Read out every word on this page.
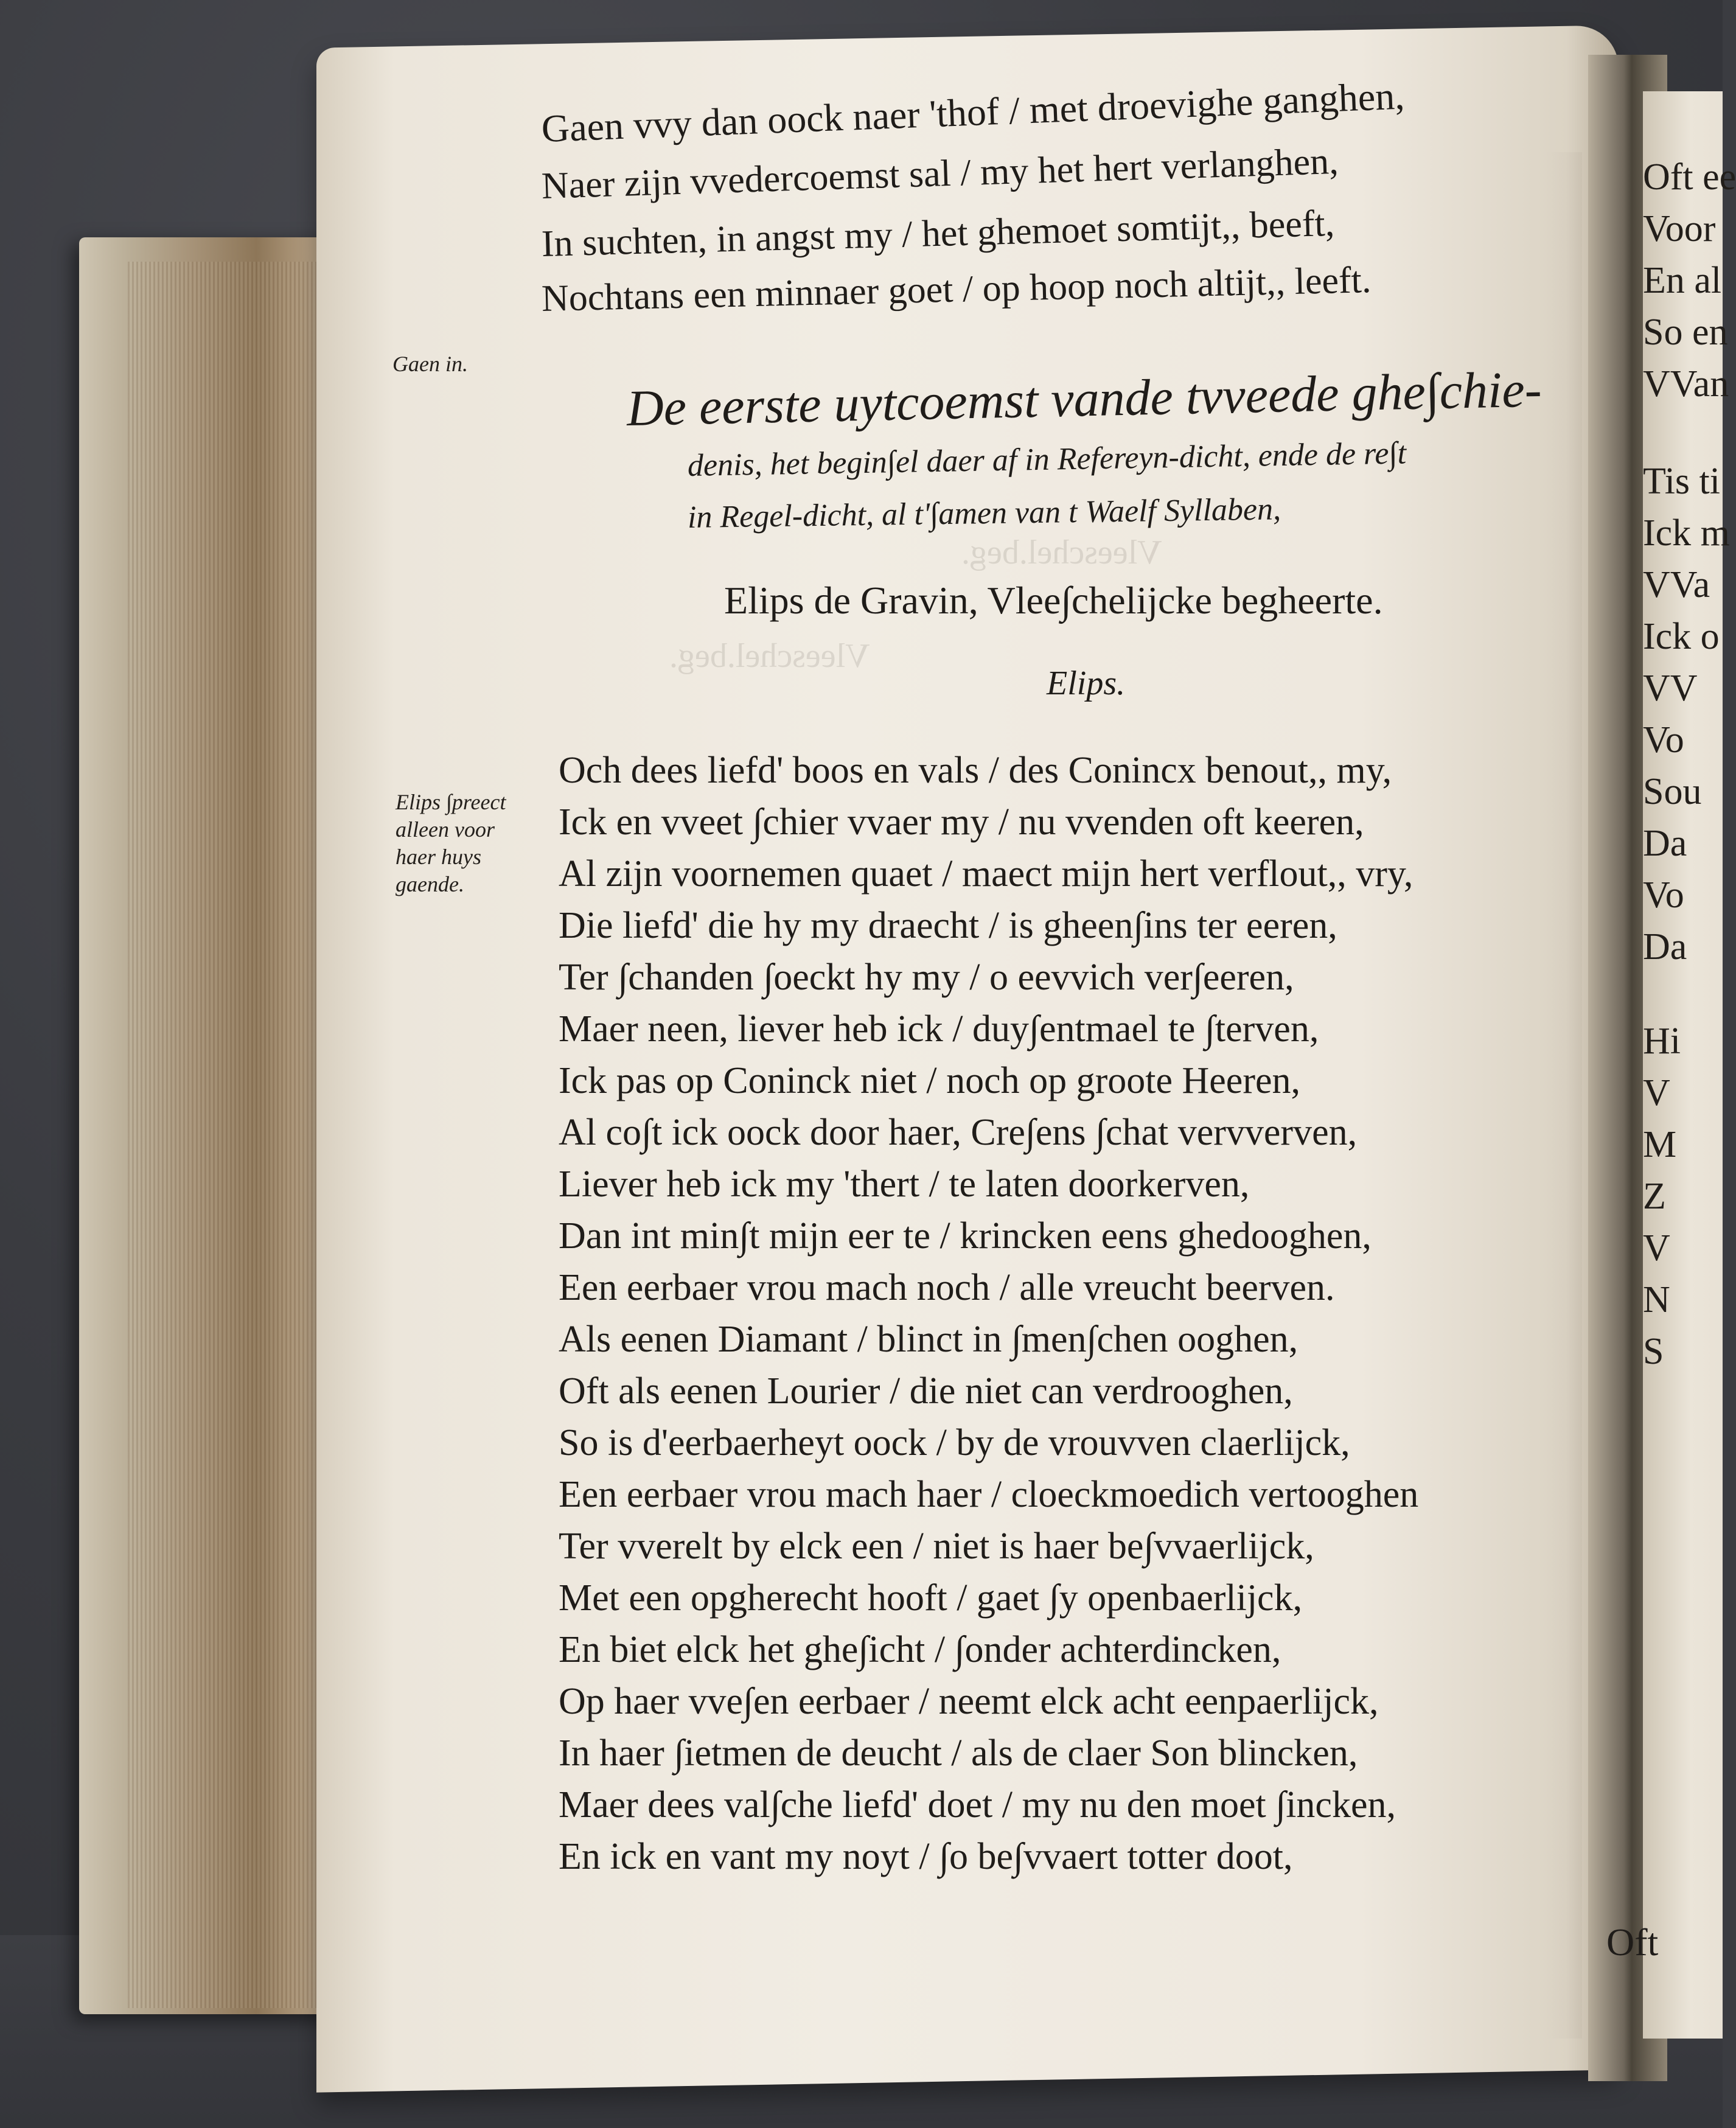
Vleeschel.beg.
Vleeschel.beg.
Gaen vvy dan oock naer 'thof / met droevighe ganghen,
Naer zijn vvedercoemst sal / my het hert verlanghen,
In suchten, in angst my / het ghemoet somtijt,, beeft,
Nochtans een minnaer goet / op hoop noch altijt,, leeft.
Gaen in.	De eerste uytcoemst vande tvveede ghe∫chie-
denis, het begin∫el daer af in Refereyn-dicht, ende de re∫t
in Regel-dicht, al t'∫amen van t Waelf Syllaben,
Elips de Gravin, Vlee∫chelijcke begheerte.
Elips.
Elips ∫preect
alleen voor
haer huys
gaende.
Och dees liefd' boos en vals / des Conincx benout,, my,
Ick en vveet ∫chier vvaer my / nu vvenden oft keeren,
Al zijn voornemen quaet / maect mijn hert verflout,, vry,
Die liefd' die hy my draecht / is gheen∫ins ter eeren,
Ter ∫chanden ∫oeckt hy my / o eevvich ver∫eeren,
Maer neen, liever heb ick / duy∫entmael te ∫terven,
Ick pas op Coninck niet / noch op groote Heeren,
Al co∫t ick oock door haer, Cre∫ens ∫chat vervverven,
Liever heb ick my 'thert / te laten doorkerven,
Dan int min∫t mijn eer te / krincken eens ghedooghen,
Een eerbaer vrou mach noch / alle vreucht beerven.
Als eenen Diamant / blinct in ∫men∫chen ooghen,
Oft als eenen Lourier / die niet can verdrooghen,
So is d'eerbaerheyt oock / by de vrouvven claerlijck,
Een eerbaer vrou mach haer / cloeckmoedich vertooghen
Ter vverelt by elck een / niet is haer be∫vvaerlijck,
Met een opgherecht hooft / gaet ∫y openbaerlijck,
En biet elck het ghe∫icht / ∫onder achterdincken,
Op haer vve∫en eerbaer / neemt elck acht eenpaerlijck,
In haer ∫ietmen de deucht / als de claer Son blincken,
Maer dees val∫che liefd' doet / my nu den moet ∫incken,
En ick en vant my noyt / ∫o be∫vvaert totter doot,
Oft
Oft ee
Voor
En al
So en
VVan
Tis ti
Ick m
VVa
Ick o
VV
Vo
Sou
Da
Vo
Da
Hi
V
M
Z
V
N
S
